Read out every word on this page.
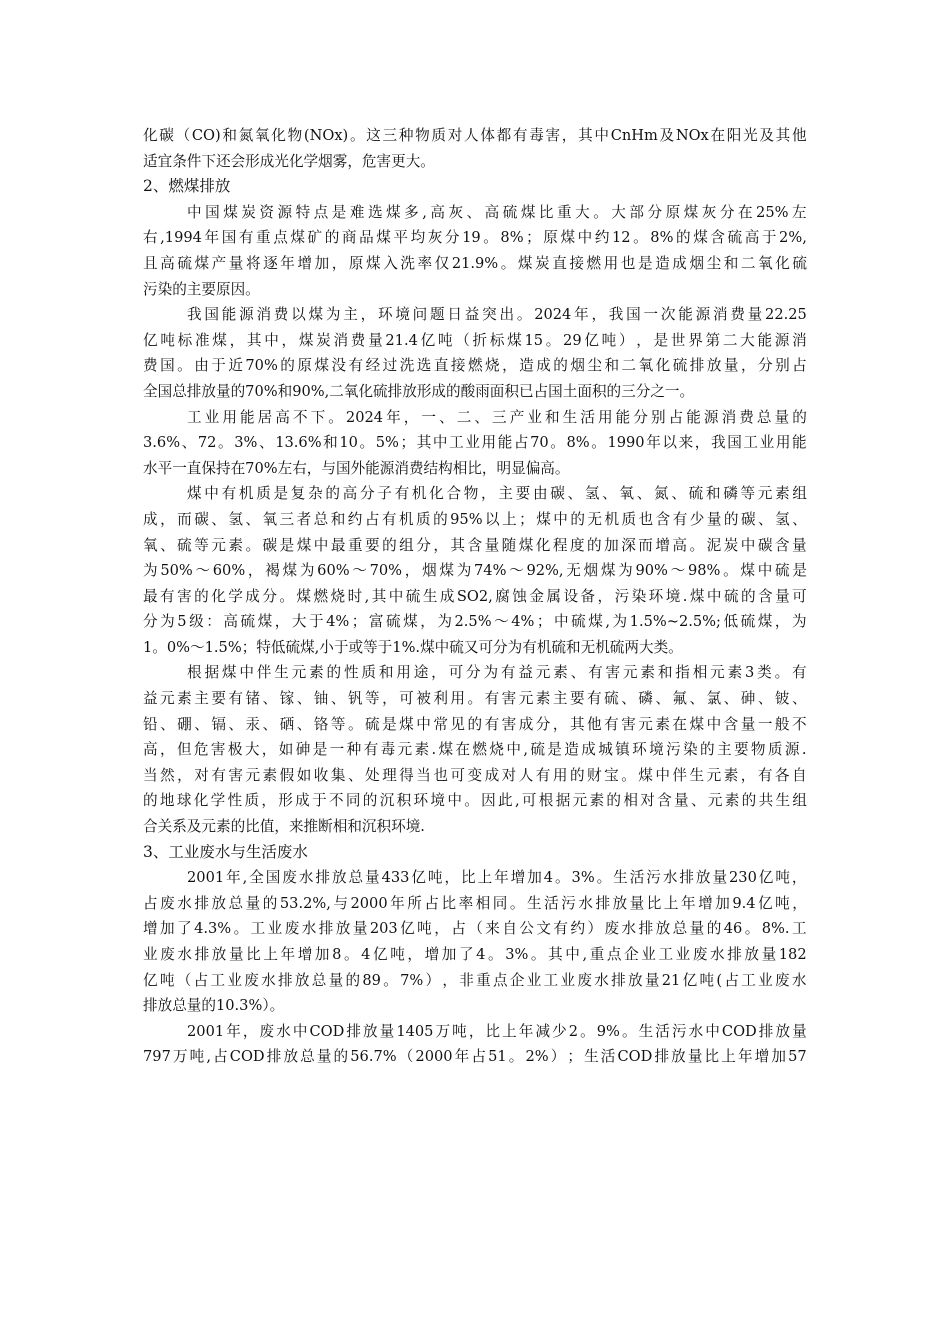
化 碳 （ CO) 和 氮 氧 化 物 (NOx) 。 这 三 种 物 质 对 人 体 都 有 毒 害 ， 其 中 CnHm 及 NOx 在 阳 光 及 其 他
适宜条件下还会形成光化学烟雾，危害更大。
2、燃煤排放
中 国 煤 炭 资 源 特 点 是 难 选 煤 多 , 高 灰 、 高 硫 煤 比 重 大 。 大 部 分 原 煤 灰 分 在 25% 左
右 ,1994 年 国 有 重 点 煤 矿 的 商 品 煤 平 均 灰 分 19 。 8% ； 原 煤 中 约 12 。 8% 的 煤 含 硫 高 于 2%,
且 高 硫 煤 产 量 将 逐 年 增 加 ， 原 煤 入 洗 率 仅 21.9% 。 煤 炭 直 接 燃 用 也 是 造 成 烟 尘 和 二 氧 化 硫
污染的主要原因。
我 国 能 源 消 费 以 煤 为 主 ， 环 境 问 题 日 益 突 出 。 2024 年 ， 我 国 一 次 能 源 消 费 量 22.25
亿 吨 标 准 煤 ， 其 中 ， 煤 炭 消 费 量 21.4 亿 吨 （ 折 标 煤 15 。 29 亿 吨 ） ， 是 世 界 第 二 大 能 源 消
费 国 。 由 于 近 70% 的 原 煤 没 有 经 过 洗 选 直 接 燃 烧 ， 造 成 的 烟 尘 和 二 氧 化 硫 排 放 量 ， 分 别 占
全国总排放量的70%和90%,二氧化硫排放形成的酸雨面积已占国土面积的三分之一。
工 业 用 能 居 高 不 下 。 2024 年 ， 一 、 二 、 三 产 业 和 生 活 用 能 分 别 占 能 源 消 费 总 量 的
3.6% 、 72 。 3% 、 13.6% 和 10 。 5% ； 其 中 工 业 用 能 占 70 。 8% 。 1990 年 以 来 ， 我 国 工 业 用 能
水平一直保持在70%左右，与国外能源消费结构相比，明显偏高。
煤 中 有 机 质 是 复 杂 的 高 分 子 有 机 化 合 物 ， 主 要 由 碳 、 氢 、 氧 、 氮 、 硫 和 磷 等 元 素 组
成 ， 而 碳 、 氢 、 氧 三 者 总 和 约 占 有 机 质 的 95% 以 上 ； 煤 中 的 无 机 质 也 含 有 少 量 的 碳 、 氢 、
氧 、 硫 等 元 素 。 碳 是 煤 中 最 重 要 的 组 分 ， 其 含 量 随 煤 化 程 度 的 加 深 而 增 高 。 泥 炭 中 碳 含 量
为 50% ～ 60% ， 褐 煤 为 60% ～ 70% ， 烟 煤 为 74% ～ 92%, 无 烟 煤 为 90% ～ 98% 。 煤 中 硫 是
最 有 害 的 化 学 成 分 。 煤 燃 烧 时 , 其 中 硫 生 成 SO2, 腐 蚀 金 属 设 备 ， 污 染 环 境 . 煤 中 硫 的 含 量 可
分 为 5 级 ： 高 硫 煤 ， 大 于 4% ； 富 硫 煤 ， 为 2.5% ～ 4% ； 中 硫 煤 , 为 1.5%~2.5%; 低 硫 煤 ， 为
1。0%～1.5%；特低硫煤,小于或等于1%.煤中硫又可分为有机硫和无机硫两大类。
根 据 煤 中 伴 生 元 素 的 性 质 和 用 途 ， 可 分 为 有 益 元 素 、 有 害 元 素 和 指 相 元 素 3 类 。 有
益 元 素 主 要 有 锗 、 镓 、 铀 、 钒 等 ， 可 被 利 用 。 有 害 元 素 主 要 有 硫 、 磷 、 氟 、 氯 、 砷 、 铍 、
铅 、 硼 、 镉 、 汞 、 硒 、 铬 等 。 硫 是 煤 中 常 见 的 有 害 成 分 ， 其 他 有 害 元 素 在 煤 中 含 量 一 般 不
高 ， 但 危 害 极 大 ， 如 砷 是 一 种 有 毒 元 素 . 煤 在 燃 烧 中 , 硫 是 造 成 城 镇 环 境 污 染 的 主 要 物 质 源 .
当 然 ， 对 有 害 元 素 假 如 收 集 、 处 理 得 当 也 可 变 成 对 人 有 用 的 财 宝 。 煤 中 伴 生 元 素 ， 有 各 自
的 地 球 化 学 性 质 ， 形 成 于 不 同 的 沉 积 环 境 中 。 因 此 , 可 根 据 元 素 的 相 对 含 量 、 元 素 的 共 生 组
合关系及元素的比值，来推断相和沉积环境.
3、工业废水与生活废水
2001 年 , 全 国 废 水 排 放 总 量 433 亿 吨 ， 比 上 年 增 加 4 。 3% 。 生 活 污 水 排 放 量 230 亿 吨 ，
占 废 水 排 放 总 量 的 53.2%, 与 2000 年 所 占 比 率 相 同 。 生 活 污 水 排 放 量 比 上 年 增 加 9.4 亿 吨 ，
增 加 了 4.3% 。 工 业 废 水 排 放 量 203 亿 吨 ， 占 （ 来 自 公 文 有 约 ） 废 水 排 放 总 量 的 46 。 8%. 工
业 废 水 排 放 量 比 上 年 增 加 8 。 4 亿 吨 ， 增 加 了 4 。 3% 。 其 中 , 重 点 企 业 工 业 废 水 排 放 量 182
亿 吨 （ 占 工 业 废 水 排 放 总 量 的 89 。 7% ） ， 非 重 点 企 业 工 业 废 水 排 放 量 21 亿 吨 ( 占 工 业 废 水
排放总量的10.3%）。
2001 年 ， 废 水 中 COD 排 放 量 1405 万 吨 ， 比 上 年 减 少 2 。 9% 。 生 活 污 水 中 COD 排 放 量
797 万 吨 , 占 COD 排 放 总 量 的 56.7% （ 2000 年 占 51 。 2% ） ； 生 活 COD 排 放 量 比 上 年 增 加 57
